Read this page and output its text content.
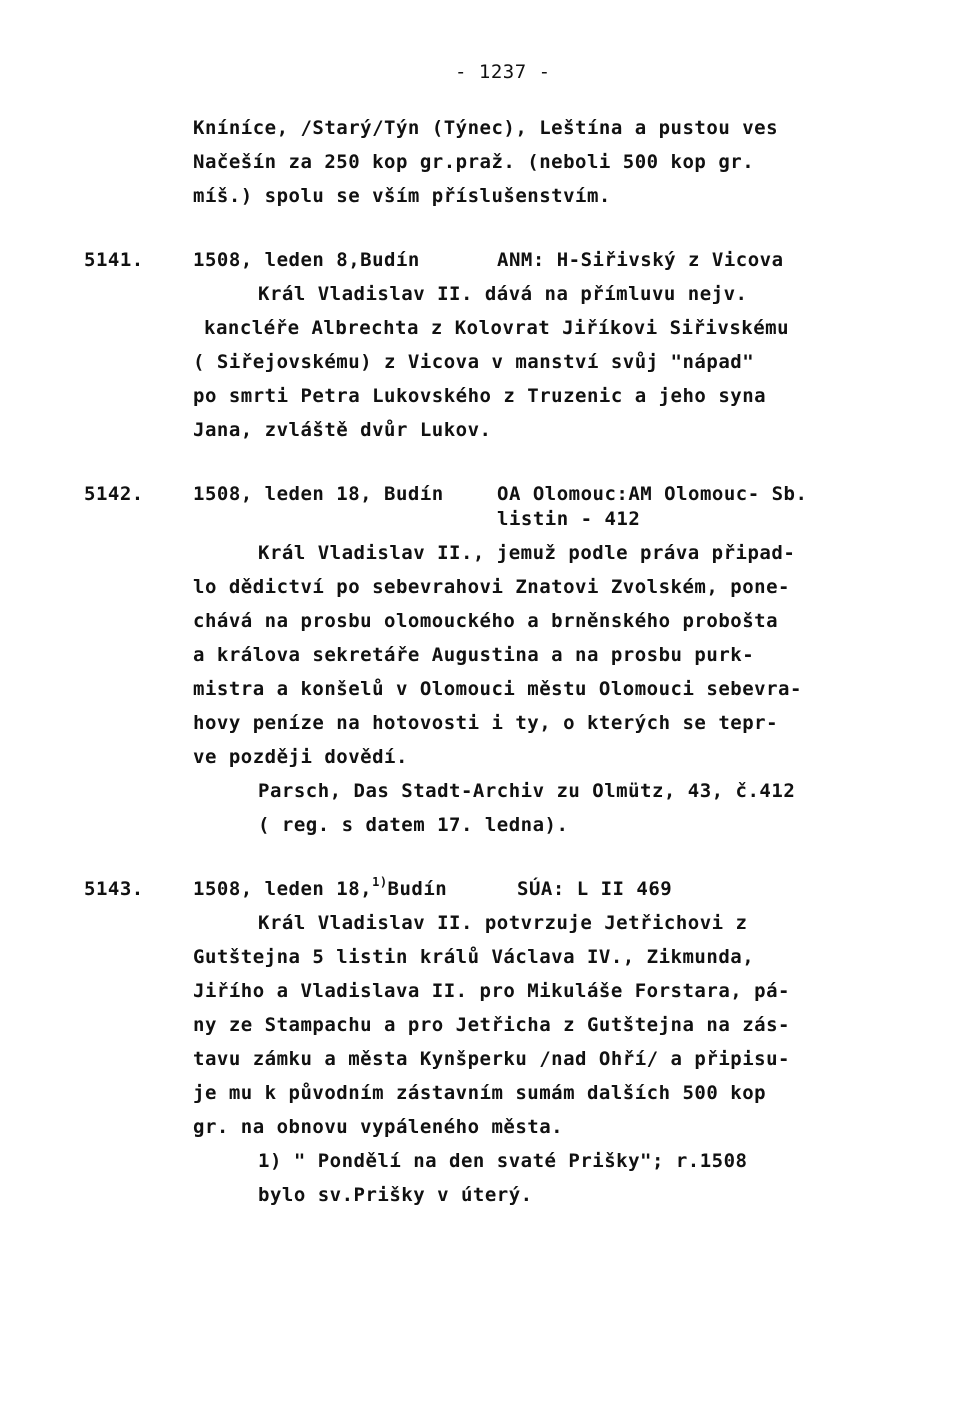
- 1237 -
Kníníce, /Starý/Týn (Týnec), Leštína a pustou ves
Načešín za 250 kop gr.praž. (neboli 500 kop gr.
míš.) spolu se vším příslušenstvím.
5141.	1508, leden 8,Budín	ANM: H-Siřivský z Vicova
Král Vladislav II. dává na přímluvu nejv.
kancléře Albrechta z Kolovrat Jiříkovi Siřivskému
( Siřejovskému) z Vicova v manství svůj "nápad"
po smrti Petra Lukovského z Truzenic a jeho syna
Jana, zvláště dvůr Lukov.
5142.	1508, leden 18, Budín	OA Olomouc:AM Olomouc- Sb.
listin - 412
Král Vladislav II., jemuž podle práva připad-
lo dědictví po sebevrahovi Znatovi Zvolském, pone-
chává na prosbu olomouckého a brněnského probošta
a králova sekretáře Augustina a na prosbu purk-
mistra a konšelů v Olomouci městu Olomouci sebevra-
hovy peníze na hotovosti i ty, o kterých se tepr-
ve později dovědí.
Parsch, Das Stadt-Archiv zu Olmütz, 43, č.412
( reg. s datem 17. ledna).
5143.	1508, leden 18,$^{1)}$Budín	SÚA: L II 469
Král Vladislav II. potvrzuje Jetřichovi z
Gutštejna 5 listin králů Václava IV., Zikmunda,
Jiřího a Vladislava II. pro Mikuláše Forstara, pá-
ny ze Stampachu a pro Jetřicha z Gutštejna na zás-
tavu zámku a města Kynšperku /nad Ohří/ a připisu-
je mu k původním zástavním sumám dalších 500 kop
gr. na obnovu vypáleného města.
1) " Pondělí na den svaté Prišky"; r.1508
bylo sv.Prišky v úterý.
